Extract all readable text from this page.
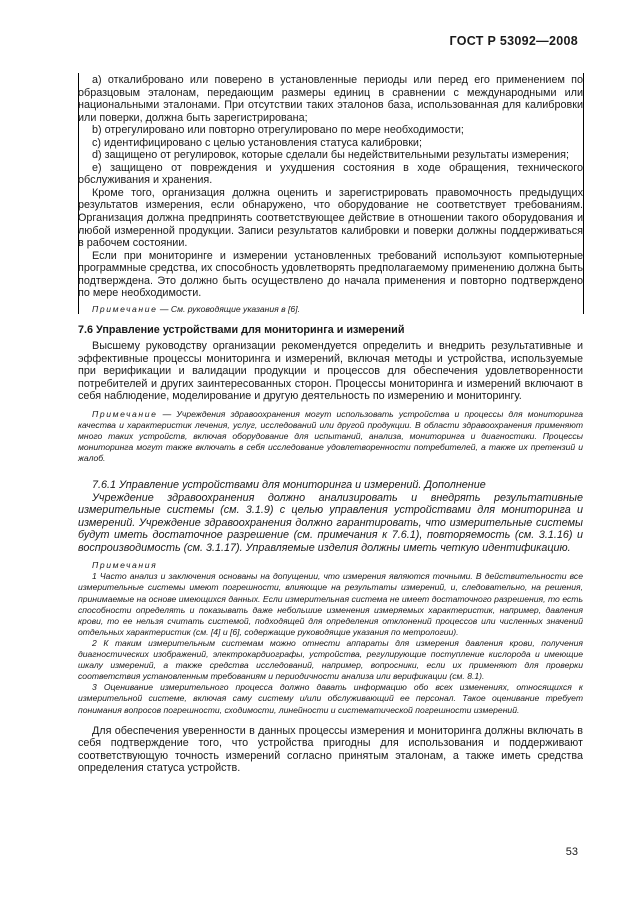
ГОСТ Р 53092—2008

а) откалибровано или поверено в установленные периоды или перед его применением по образцовым эталонам, передающим размеры единиц в сравнении с международными или национальными эталонами. При отсутствии таких эталонов база, использованная для калибровки или поверки, должна быть зарегистрирована;

b) отрегулировано или повторно отрегулировано по мере необходимости;

с) идентифицировано с целью установления статуса калибровки;

d) защищено от регулировок, которые сделали бы недействительными результаты измерения;

е) защищено от повреждения и ухудшения состояния в ходе обращения, технического обслуживания и хранения.

Кроме того, организация должна оценить и зарегистрировать правомочность предыдущих результатов измерения, если обнаружено, что оборудование не соответствует требованиям. Организация должна предпринять соответствующее действие в отношении такого оборудования и любой измеренной продукции. Записи результатов калибровки и поверки должны поддерживаться в рабочем состоянии.

Если при мониторинге и измерении установленных требований используют компьютерные программные средства, их способность удовлетворять предполагаемому применению должна быть подтверждена. Это должно быть осуществлено до начала применения и повторно подтверждено по мере необходимости.

Примечание — См. руководящие указания в [6].

7.6 Управление устройствами для мониторинга и измерений

Высшему руководству организации рекомендуется определить и внедрить результативные и эффективные процессы мониторинга и измерений, включая методы и устройства, используемые при верификации и валидации продукции и процессов для обеспечения удовлетворенности потребителей и других заинтересованных сторон. Процессы мониторинга и измерений включают в себя наблюдение, моделирование и другую деятельность по измерению и мониторингу.

Примечание — Учреждения здравоохранения могут использовать устройства и процессы для мониторинга качества и характеристик лечения, услуг, исследований или другой продукции. В области здравоохранения применяют много таких устройств, включая оборудование для испытаний, анализа, мониторинга и диагностики. Процессы мониторинга могут также включать в себя исследование удовлетворенности потребителей, а также их претензий и жалоб.

7.6.1 Управление устройствами для мониторинга и измерений. Дополнение

Учреждение здравоохранения должно анализировать и внедрять результативные измерительные системы (см. 3.1.9) с целью управления устройствами для мониторинга и измерений. Учреждение здравоохранения должно гарантировать, что измерительные системы будут иметь достаточное разрешение (см. примечания к 7.6.1), повторяемость (см. 3.1.16) и воспроизводимость (см. 3.1.17). Управляемые изделия должны иметь четкую идентификацию.

Примечания

1 Часто анализ и заключения основаны на допущении, что измерения являются точными. В действительности все измерительные системы имеют погрешности, влияющие на результаты измерений, и, следовательно, на решения, принимаемые на основе имеющихся данных. Если измерительная система не имеет достаточного разрешения, то есть способности определять и показывать даже небольшие изменения измеряемых характеристик, например, давления крови, то ее нельзя считать системой, подходящей для определения отклонений процессов или численных значений отдельных характеристик (см. [4] и [6], содержащие руководящие указания по метрологии).

2 К таким измерительным системам можно отнести аппараты для измерения давления крови, получения диагностических изображений, электрокардиографы, устройства, регулирующие поступление кислорода и имеющие шкалу измерений, а также средства исследований, например, вопросники, если их применяют для проверки соответствия установленным требованиям и периодичности анализа или верификации (см. 8.1).

3 Оценивание измерительного процесса должно давать информацию обо всех изменениях, относящихся к измерительной системе, включая саму систему и/или обслуживающий ее персонал. Такое оценивание требует понимания вопросов погрешности, сходимости, линейности и систематической погрешности измерений.

Для обеспечения уверенности в данных процессы измерения и мониторинга должны включать в себя подтверждение того, что устройства пригодны для использования и поддерживают соответствующую точность измерений согласно принятым эталонам, а также иметь средства определения статуса устройств.

53
